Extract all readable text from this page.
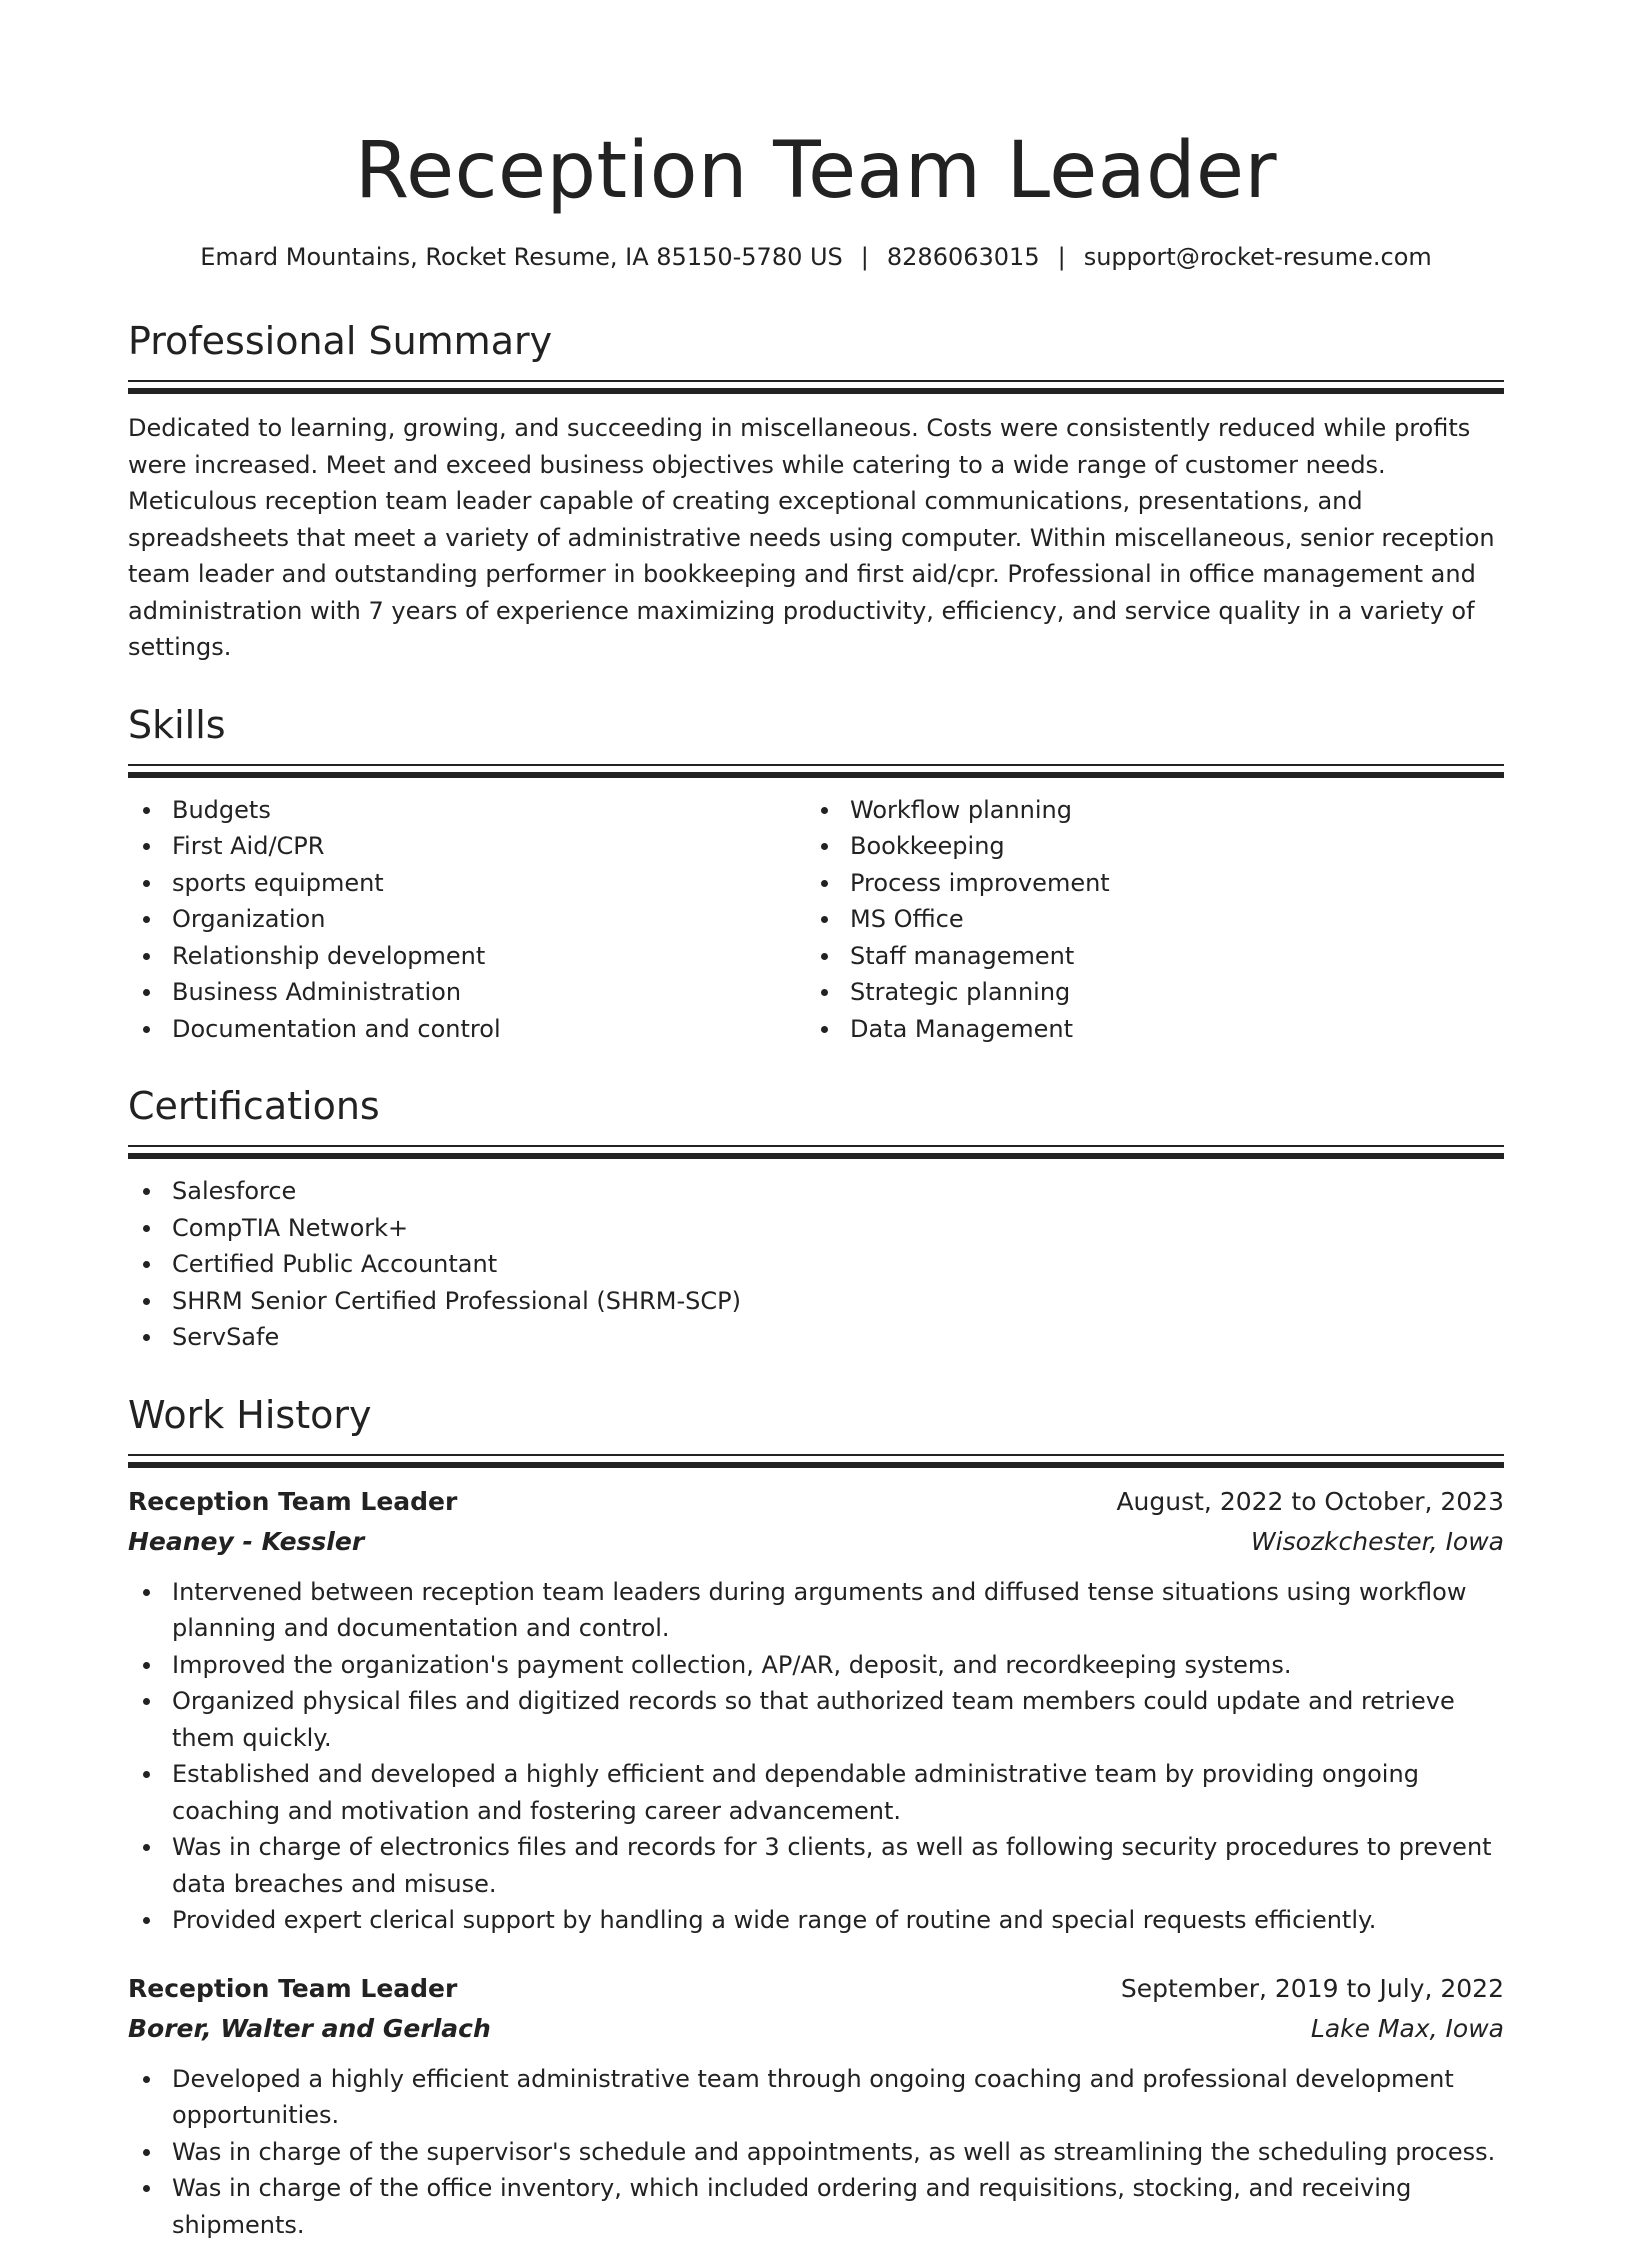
Reception Team Leader
Emard Mountains, Rocket Resume, IA 85150-5780 US | 8286063015 | support@rocket-resume.com
Professional Summary

Dedicated to learning, growing, and succeeding in miscellaneous. Costs were consistently reduced while profits were increased. Meet and exceed business objectives while catering to a wide range of customer needs. Meticulous reception team leader capable of creating exceptional communications, presentations, and spreadsheets that meet a variety of administrative needs using computer. Within miscellaneous, senior reception team leader and outstanding performer in bookkeeping and first aid/cpr. Professional in office management and administration with 7 years of experience maximizing productivity, efficiency, and service quality in a variety of settings.

Skills
Budgets
First Aid/CPR
sports equipment
Organization
Relationship development
Business Administration
Documentation and control
Workflow planning
Bookkeeping
Process improvement
MS Office
Staff management
Strategic planning
Data Management
Certifications
Salesforce
CompTIA Network+
Certified Public Accountant
SHRM Senior Certified Professional (SHRM-SCP)
ServSafe
Work History
Reception Team Leader	August, 2022 to October, 2023
Heaney - Kessler	Wisozkchester, Iowa
Intervened between reception team leaders during arguments and diffused tense situations using workflow planning and documentation and control.
Improved the organization's payment collection, AP/AR, deposit, and recordkeeping systems.
Organized physical files and digitized records so that authorized team members could update and retrieve them quickly.
Established and developed a highly efficient and dependable administrative team by providing ongoing coaching and motivation and fostering career advancement.
Was in charge of electronics files and records for 3 clients, as well as following security procedures to prevent data breaches and misuse.
Provided expert clerical support by handling a wide range of routine and special requests efficiently.
Reception Team Leader	September, 2019 to July, 2022
Borer, Walter and Gerlach	Lake Max, Iowa
Developed a highly efficient administrative team through ongoing coaching and professional development opportunities.
Was in charge of the supervisor's schedule and appointments, as well as streamlining the scheduling process.
Was in charge of the office inventory, which included ordering and requisitions, stocking, and receiving shipments.
